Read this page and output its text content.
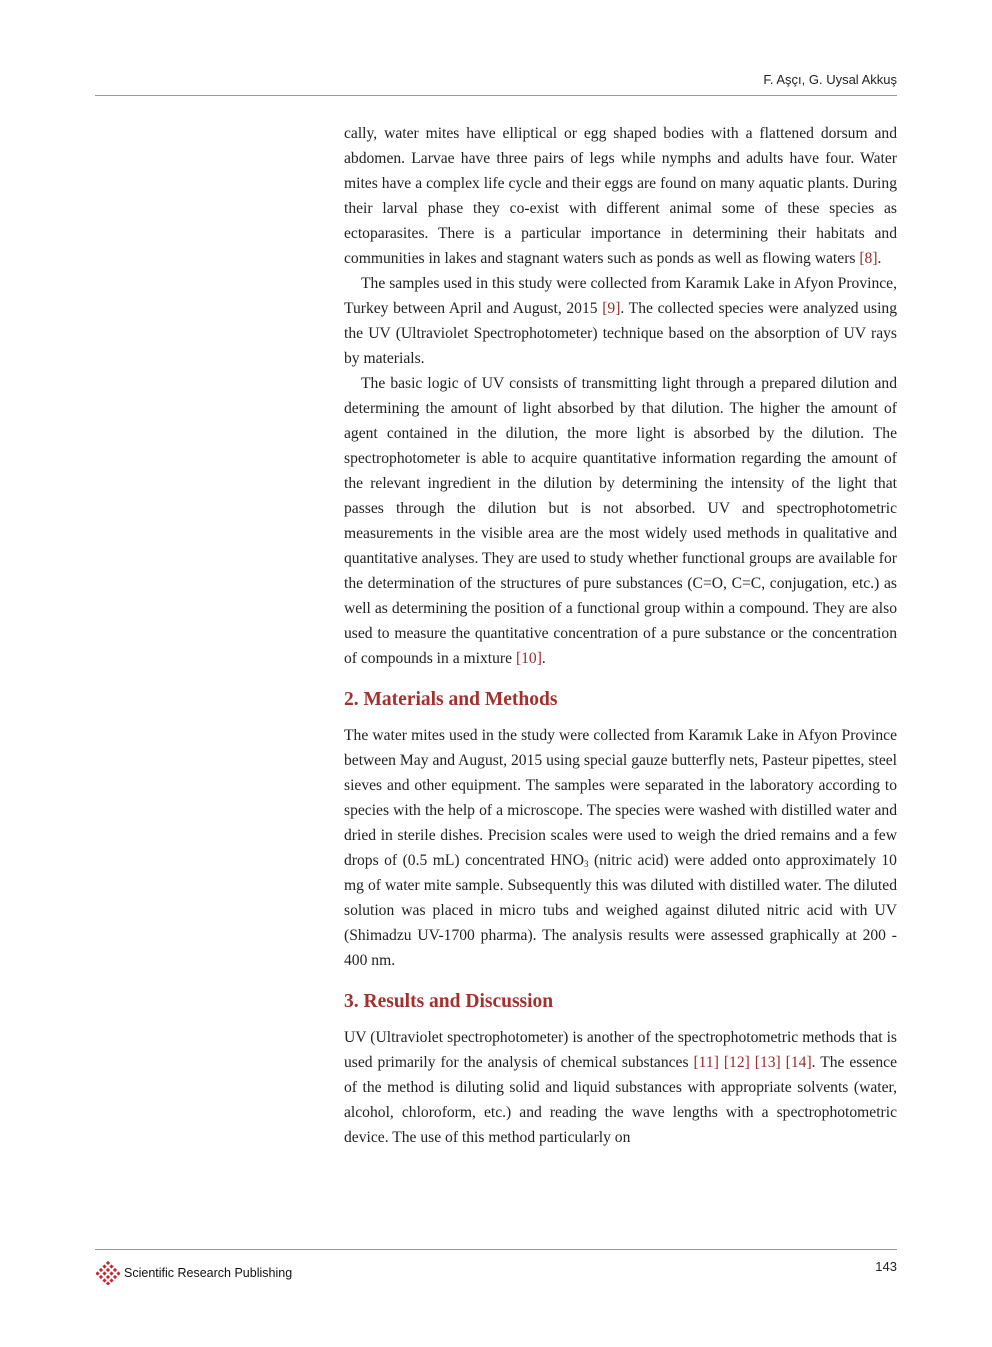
F. Aşçı, G. Uysal Akkuş

cally, water mites have elliptical or egg shaped bodies with a flattened dorsum and abdomen. Larvae have three pairs of legs while nymphs and adults have four. Water mites have a complex life cycle and their eggs are found on many aquatic plants. During their larval phase they co-exist with different animal some of these species as ectoparasites. There is a particular importance in determining their habitats and communities in lakes and stagnant waters such as ponds as well as flowing waters [8].

The samples used in this study were collected from Karamık Lake in Afyon Province, Turkey between April and August, 2015 [9]. The collected species were analyzed using the UV (Ultraviolet Spectrophotometer) technique based on the absorption of UV rays by materials.

The basic logic of UV consists of transmitting light through a prepared dilution and determining the amount of light absorbed by that dilution. The higher the amount of agent contained in the dilution, the more light is absorbed by the dilution. The spectrophotometer is able to acquire quantitative information regarding the amount of the relevant ingredient in the dilution by determining the intensity of the light that passes through the dilution but is not absorbed. UV and spectrophotometric measurements in the visible area are the most widely used methods in qualitative and quantitative analyses. They are used to study whether functional groups are available for the determination of the structures of pure substances (C=O, C=C, conjugation, etc.) as well as determining the position of a functional group within a compound. They are also used to measure the quantitative concentration of a pure substance or the concentration of compounds in a mixture [10].

2. Materials and Methods

The water mites used in the study were collected from Karamık Lake in Afyon Province between May and August, 2015 using special gauze butterfly nets, Pasteur pipettes, steel sieves and other equipment. The samples were separated in the laboratory according to species with the help of a microscope. The species were washed with distilled water and dried in sterile dishes. Precision scales were used to weigh the dried remains and a few drops of (0.5 mL) concentrated $HNO_3$ (nitric acid) were added onto approximately 10 mg of water mite sample. Subsequently this was diluted with distilled water. The diluted solution was placed in micro tubs and weighed against diluted nitric acid with UV (Shimadzu UV-1700 pharma). The analysis results were assessed graphically at 200 - 400 nm.

3. Results and Discussion

UV (Ultraviolet spectrophotometer) is another of the spectrophotometric methods that is used primarily for the analysis of chemical substances [11] [12] [13] [14]. The essence of the method is diluting solid and liquid substances with appropriate solvents (water, alcohol, chloroform, etc.) and reading the wave lengths with a spectrophotometric device. The use of this method particularly on

Scientific Research Publishing	143
